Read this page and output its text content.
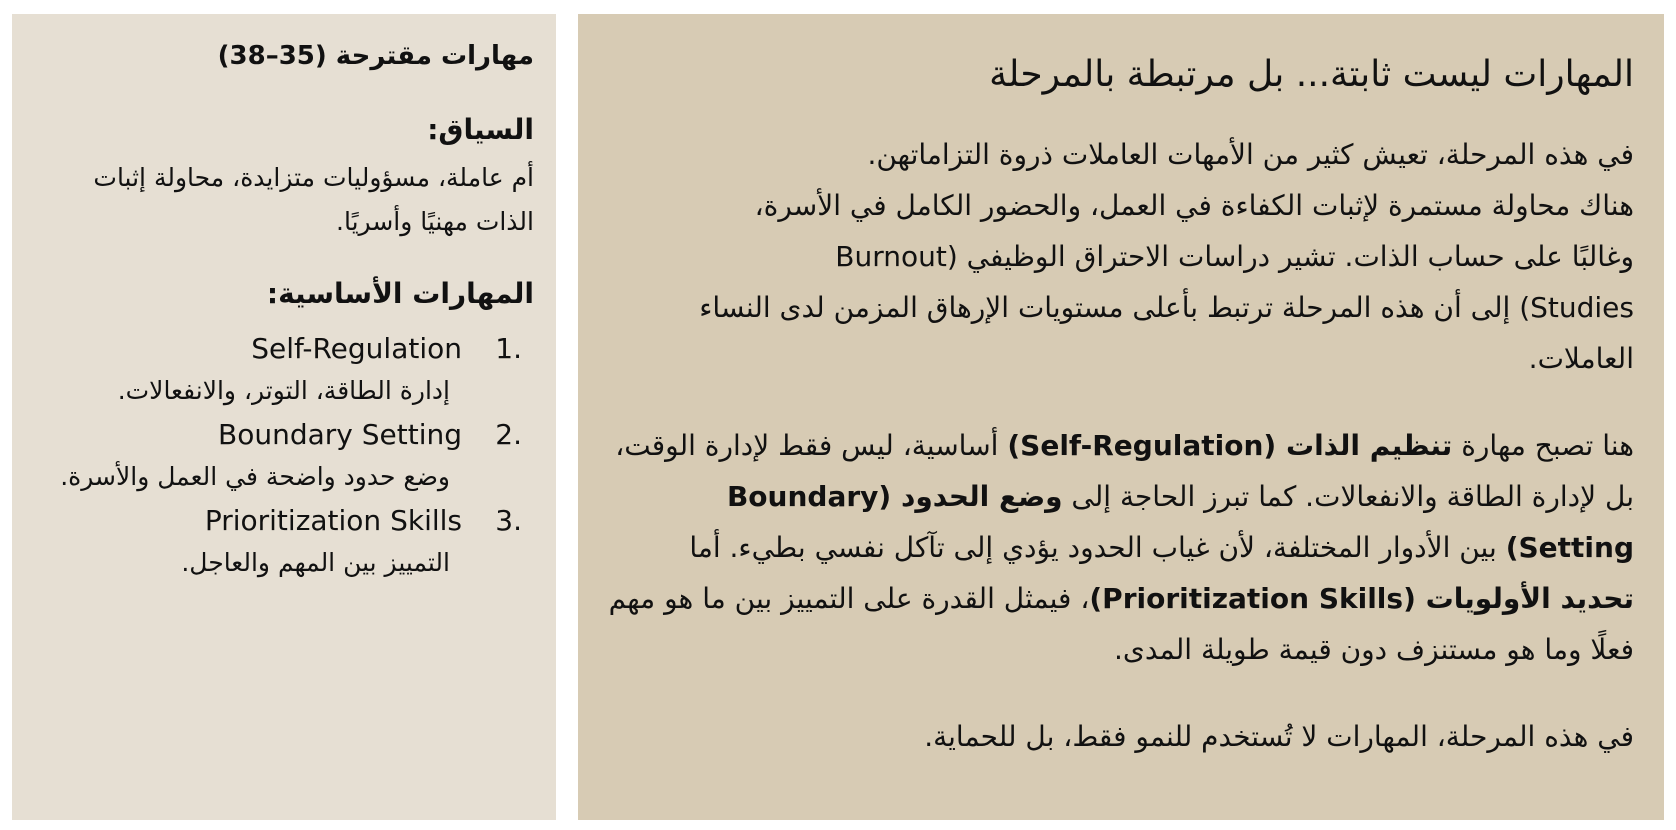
المهارات ليست ثابتة... بل مرتبطة بالمرحلة

في هذه المرحلة، تعيش كثير من الأمهات العاملات ذروة التزاماتهن.
هناك محاولة مستمرة لإثبات الكفاءة في العمل، والحضور الكامل في الأسرة،
وغالبًا على حساب الذات. تشير دراسات الاحتراق الوظيفي (Burnout
Studies) إلى أن هذه المرحلة ترتبط بأعلى مستويات الإرهاق المزمن لدى النساء
العاملات.

هنا تصبح مهارة تنظيم الذات (Self-Regulation) أساسية، ليس فقط لإدارة الوقت، بل لإدارة الطاقة والانفعالات. كما تبرز الحاجة إلى وضع الحدود (Boundary Setting) بين الأدوار المختلفة، لأن غياب الحدود يؤدي إلى تآكل نفسي بطيء. أما تحديد الأولويات (Prioritization Skills)، فيمثل القدرة على التمييز بين ما هو مهم فعلًا وما هو مستنزف دون قيمة طويلة المدى.

في هذه المرحلة، المهارات لا تُستخدم للنمو فقط، بل للحماية.

مهارات مقترحة (35–38)
السياق:
أم عاملة، مسؤوليات متزايدة، محاولة إثبات الذات مهنيًا وأسريًا.
المهارات الأساسية:
Self-Regulation	1.
إدارة الطاقة، التوتر، والانفعالات.
Boundary Setting	2.
وضع حدود واضحة في العمل والأسرة.
Prioritization Skills	3.
التمييز بين المهم والعاجل.
